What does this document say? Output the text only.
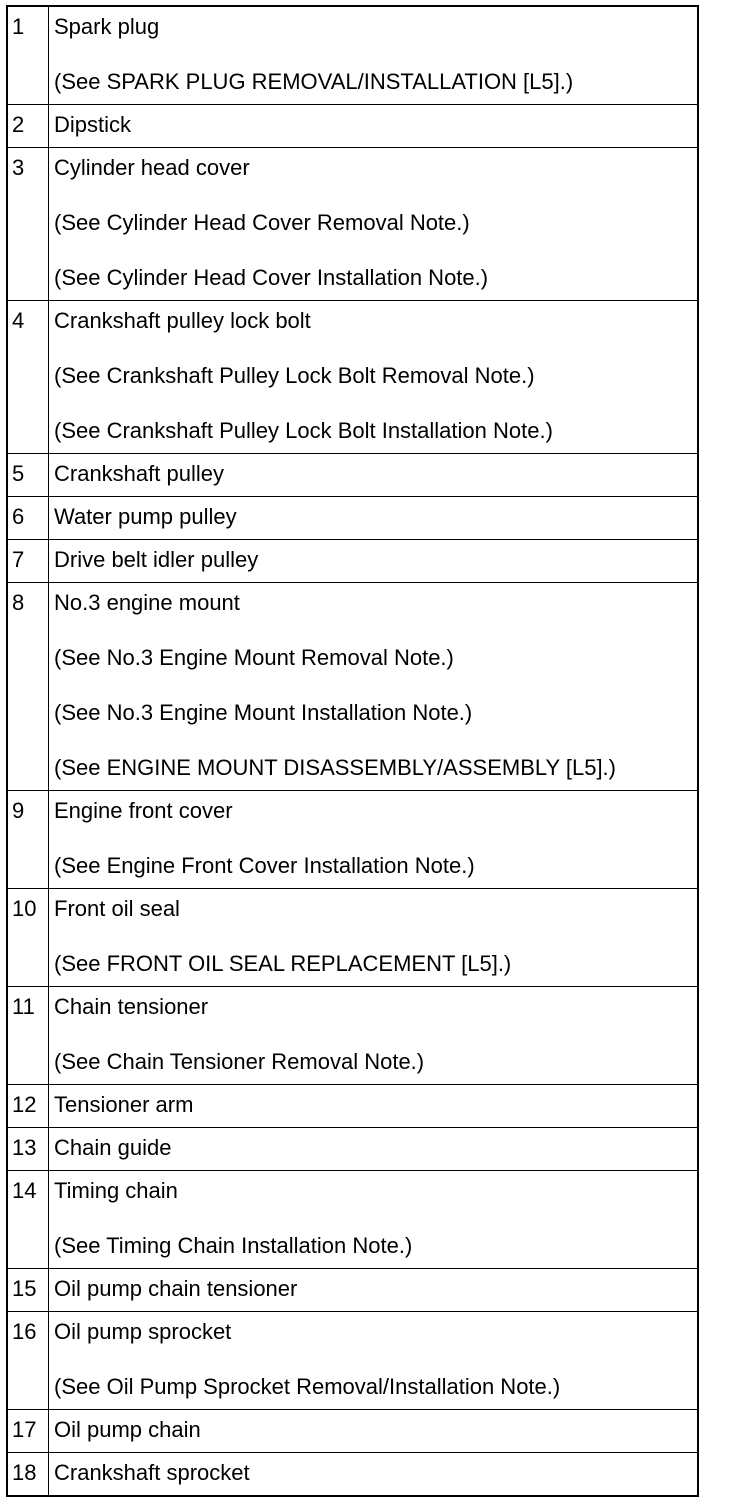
1	Spark plug
(See SPARK PLUG REMOVAL/INSTALLATION [L5].)

2	Dipstick

3	Cylinder head cover
(See Cylinder Head Cover Removal Note.)
(See Cylinder Head Cover Installation Note.)

4	Crankshaft pulley lock bolt
(See Crankshaft Pulley Lock Bolt Removal Note.)
(See Crankshaft Pulley Lock Bolt Installation Note.)

5	Crankshaft pulley

6	Water pump pulley

7	Drive belt idler pulley

8	No.3 engine mount
(See No.3 Engine Mount Removal Note.)
(See No.3 Engine Mount Installation Note.)
(See ENGINE MOUNT DISASSEMBLY/ASSEMBLY [L5].)

9	Engine front cover
(See Engine Front Cover Installation Note.)

10	Front oil seal
(See FRONT OIL SEAL REPLACEMENT [L5].)

11	Chain tensioner
(See Chain Tensioner Removal Note.)

12	Tensioner arm

13	Chain guide

14	Timing chain
(See Timing Chain Installation Note.)

15	Oil pump chain tensioner

16	Oil pump sprocket
(See Oil Pump Sprocket Removal/Installation Note.)

17	Oil pump chain

18	Crankshaft sprocket
